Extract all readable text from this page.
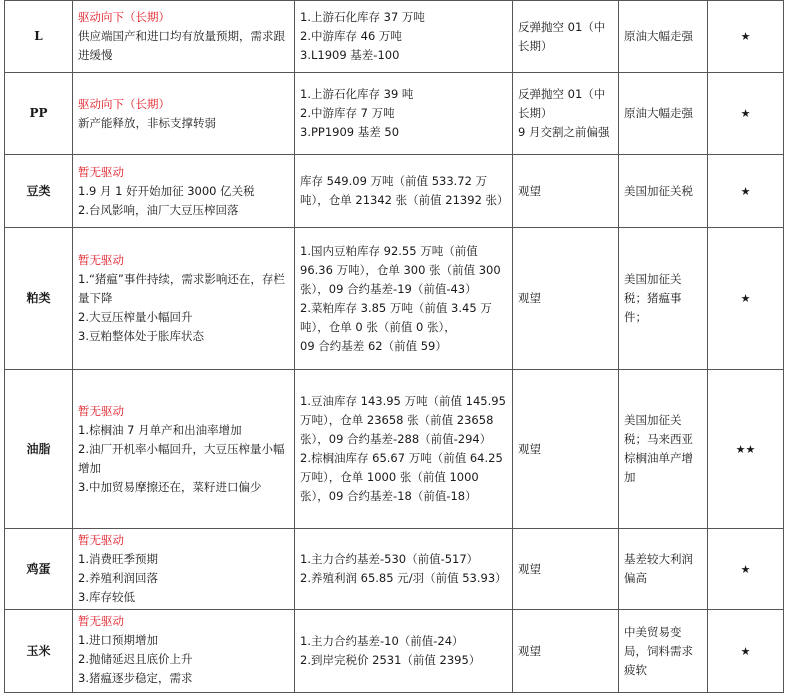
L	驱动向下（长期）
供应端国产和进口均有放量预期，需求跟进缓慢	1.上游石化库存 37 万吨
2.中游库存 46 万吨
3.L1909 基差-100	反弹抛空 01（中长期）	原油大幅走强	★
PP	驱动向下（长期）
新产能释放，非标支撑转弱	1.上游石化库存 39 吨
2.中游库存 7 万吨
3.PP1909 基差 50	反弹抛空 01（中长期）
9 月交割之前偏强	原油大幅走强	★
豆类	暂无驱动
1.9 月 1 好开始加征 3000 亿关税
2.台风影响，油厂大豆压榨回落	库存 549.09 万吨（前值 533.72 万吨），仓单 21342 张（前值 21392 张）	观望	美国加征关税	★
粕类	暂无驱动
1.“猪瘟”事件持续，需求影响还在，存栏量下降
2.大豆压榨量小幅回升
3.豆粕整体处于胀库状态	1.国内豆粕库存 92.55 万吨（前值 96.36 万吨），仓单 300 张（前值 300
张），09 合约基差-19（前值-43）
2.菜粕库存 3.85 万吨（前值 3.45 万吨），仓单 0 张（前值 0 张），
09 合约基差 62（前值 59）	观望	美国加征关税；猪瘟事件；	★
油脂	暂无驱动
1.棕榈油 7 月单产和出油率增加
2.油厂开机率小幅回升，大豆压榨量小幅增加
3.中加贸易摩擦还在，菜籽进口偏少	1.豆油库存 143.95 万吨（前值 145.95 万吨），仓单 23658 张（前值 23658 张），09 合约基差-288（前值-294）
2.棕榈油库存 65.67 万吨（前值 64.25 万吨），仓单 1000 张（前值 1000 张），09 合约基差-18（前值-18）	观望	美国加征关税；马来西亚棕榈油单产增加	★★
鸡蛋	暂无驱动
1.消费旺季预期
2.养殖利润回落
3.库存较低	1.主力合约基差-530（前值-517）
2.养殖利润 65.85 元/羽（前值 53.93）	观望	基差较大利润偏高	★
玉米	暂无驱动
1.进口预期增加
2.抛储延迟且底价上升
3.猪瘟逐步稳定，需求	1.主力合约基差-10（前值-24）
2.到岸完税价 2531（前值 2395）	观望	中美贸易变局，饲料需求疲软	★
